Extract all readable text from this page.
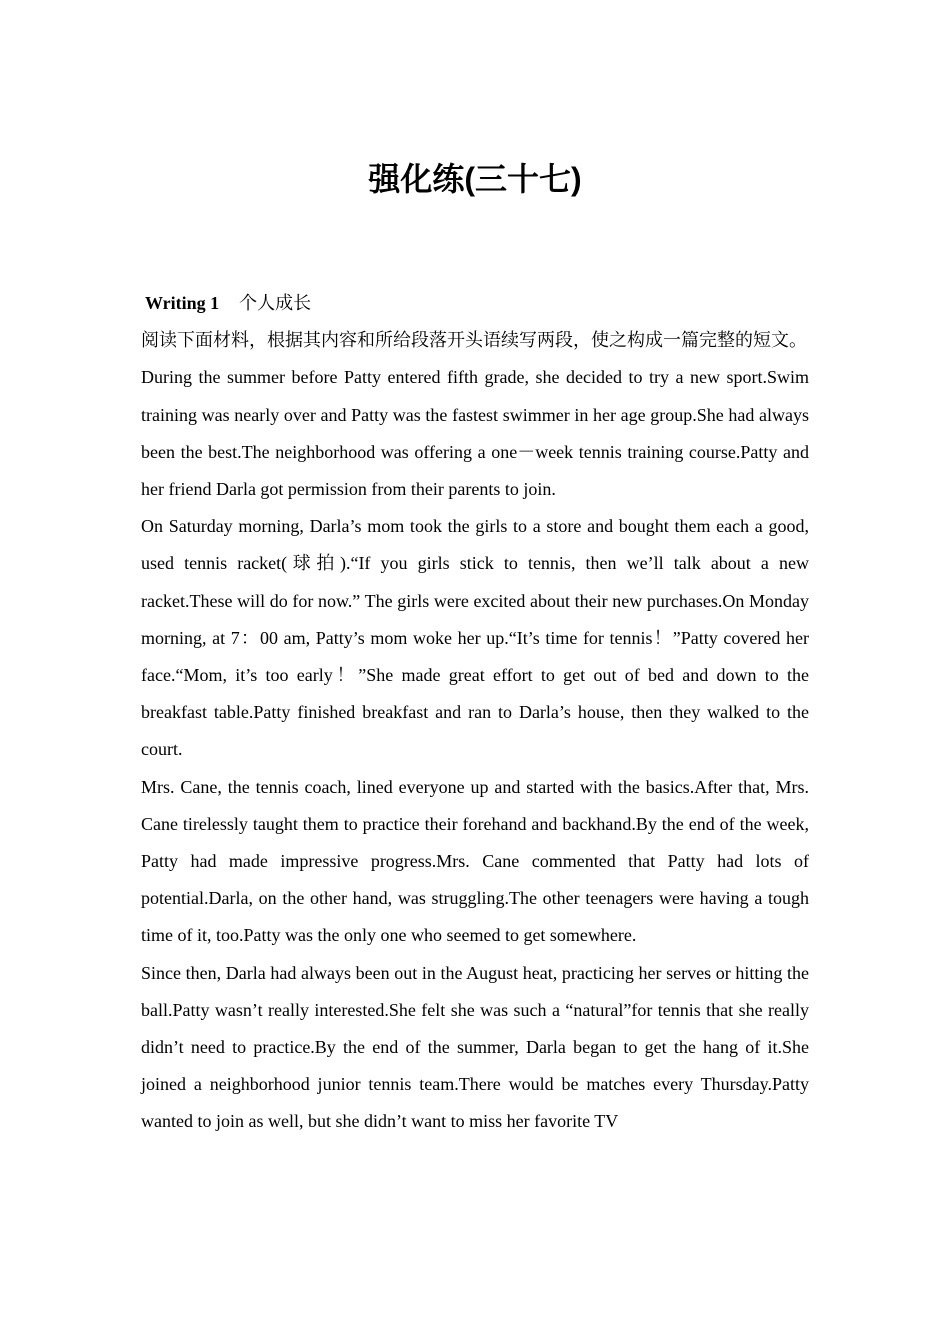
强化练(三十七)

Writing 1 个人成长

阅读下面材料，根据其内容和所给段落开头语续写两段，使之构成一篇完整的短文。

During the summer before Patty entered fifth grade, she decided to try a new sport.Swim training was nearly over and Patty was the fastest swimmer in her age group.She had always been the best.The neighborhood was offering a one－week tennis training course.Patty and her friend Darla got permission from their parents to join.

On Saturday morning, Darla’s mom took the girls to a store and bought them each a good, used tennis racket(球拍).“If you girls stick to tennis, then we’ll talk about a new racket.These will do for now.” The girls were excited about their new purchases.On Monday morning, at 7：00 am, Patty’s mom woke her up.“It’s time for tennis！”Patty covered her face.“Mom, it’s too early！”She made great effort to get out of bed and down to the breakfast table.Patty finished breakfast and ran to Darla’s house, then they walked to the court.

Mrs. Cane, the tennis coach, lined everyone up and started with the basics.After that, Mrs. Cane tirelessly taught them to practice their forehand and backhand.By the end of the week, Patty had made impressive progress.Mrs. Cane commented that Patty had lots of potential.Darla, on the other hand, was struggling.The other teenagers were having a tough time of it, too.Patty was the only one who seemed to get somewhere.

Since then, Darla had always been out in the August heat, practicing her serves or hitting the ball.Patty wasn’t really interested.She felt she was such a “natural”for tennis that she really didn’t need to practice.By the end of the summer, Darla began to get the hang of it.She joined a neighborhood junior tennis team.There would be matches every Thursday.Patty wanted to join as well, but she didn’t want to miss her favorite TV
